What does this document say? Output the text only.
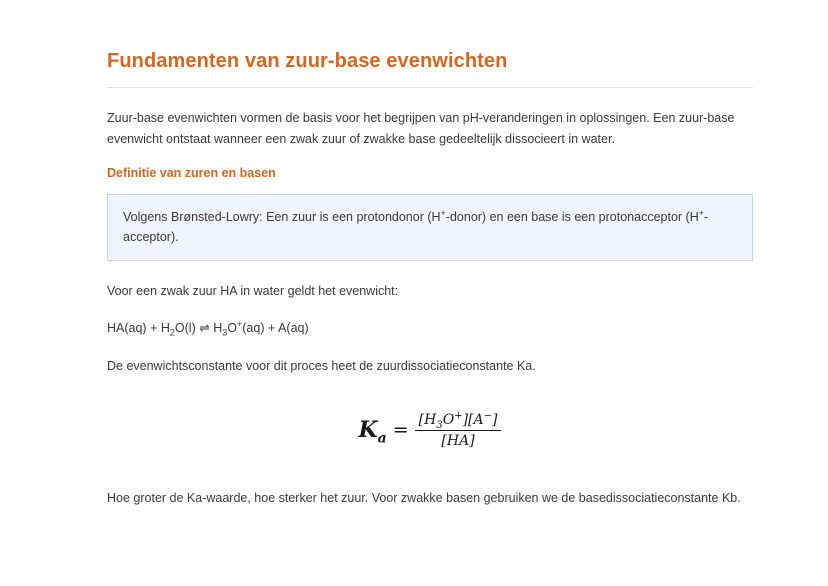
Fundamenten van zuur-base evenwichten

Zuur-base evenwichten vormen de basis voor het begrijpen van pH-veranderingen in oplossingen. Een zuur-base evenwicht ontstaat wanneer een zwak zuur of zwakke base gedeeltelijk dissocieert in water.

Definitie van zuren en basen
Volgens Brønsted-Lowry: Een zuur is een protondonor (H+-donor) en een base is een protonacceptor (H+-acceptor).

Voor een zwak zuur HA in water geldt het evenwicht:

$HA(aq) + H_2O(l)$ ⇌ $H_3O^+(aq) + A(aq)$

De evenwichtsconstante voor dit proces heet de zuurdissociatieconstante Ka.

$K_a = \frac{[H_3O^+][A^-]}{[HA]}$

Hoe groter de Ka-waarde, hoe sterker het zuur. Voor zwakke basen gebruiken we de basedissociatieconstante Kb.
